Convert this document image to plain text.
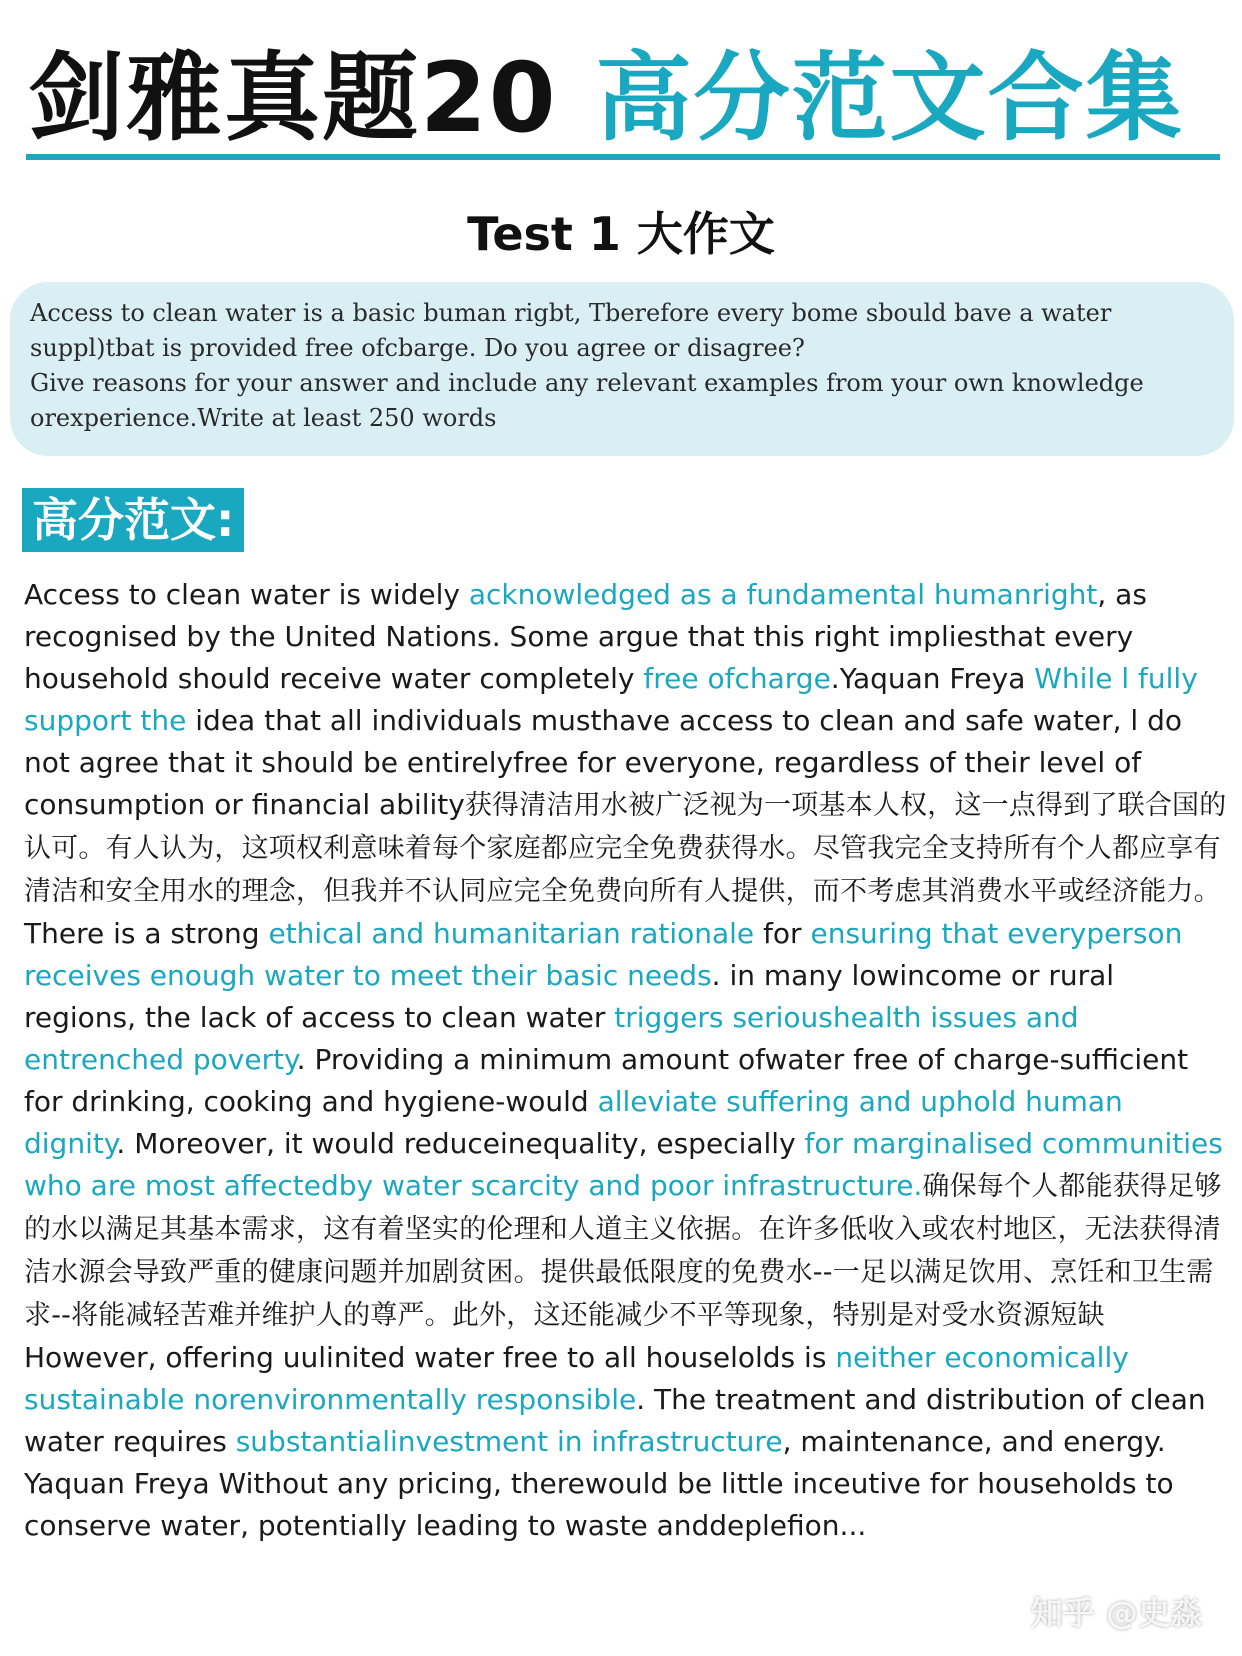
剑雅真题20 高分范文合集
Test 1 大作文

Access to clean water is a basic buman rigbt, Tberefore every bome sbould bave a water suppl)tbat is provided free ofcbarge. Do you agree or disagree?

Give reasons for your answer and include any relevant examples from your own knowledge orexperience.Write at least 250 words

高分范文:

Access to clean water is widely acknowledged as a fundamental humanright, as recognised by the United Nations. Some argue that this right impliesthat every household should receive water completely free ofcharge.Yaquan Freya While l fully support the idea that all individuals musthave access to clean and safe water, l do not agree that it should be entirelyfree for everyone, regardless of their level of consumption or financial ability获得清洁用水被广泛视为一项基本人权，这一点得到了联合国的认可。有人认为，这项权利意味着每个家庭都应完全免费获得水。尽管我完全支持所有个人都应享有清洁和安全用水的理念，但我并不认同应完全免费向所有人提供，而不考虑其消费水平或经济能力。

There is a strong ethical and humanitarian rationale for ensuring that everyperson receives enough water to meet their basic needs. in many lowincome or rural regions, the lack of access to clean water triggers serioushealth issues and entrenched poverty. Providing a minimum amount ofwater free of charge-sufficient for drinking, cooking and hygiene-would alleviate suffering and uphold human dignity. Moreover, it would reduceinequality, especially for marginalised communities who are most affectedby water scarcity and poor infrastructure.确保每个人都能获得足够的水以满足其基本需求，这有着坚实的伦理和人道主义依据。在许多低收入或农村地区，无法获得清洁水源会导致严重的健康问题并加剧贫困。提供最低限度的免费水--一足以满足饮用、烹饪和卫生需求--将能减轻苦难并维护人的尊严。此外，这还能减少不平等现象，特别是对受水资源短缺

However, offering uulinited water free to all houselolds is neither economically sustainable norenvironmentally responsible. The treatment and distribution of clean water requires substantialinvestment in infrastructure, maintenance, and energy. Yaquan Freya Without any pricing, therewould be little inceutive for households to conserve water, potentially leading to waste anddeplefion...

知乎 @史淼
